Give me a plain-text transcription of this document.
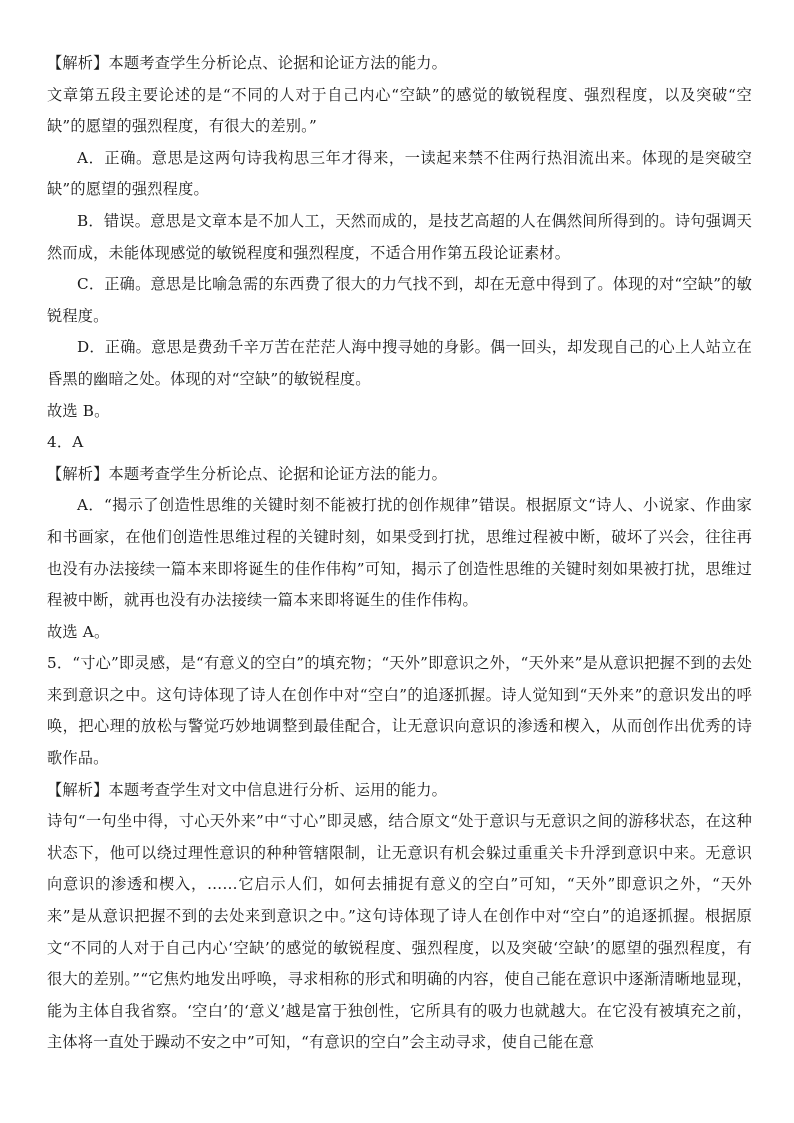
【解析】本题考查学生分析论点、论据和论证方法的能力。

文章第五段主要论述的是“不同的人对于自己内心“空缺”的感觉的敏锐程度、强烈程度，以及突破“空缺”的愿望的强烈程度，有很大的差别。”

A．正确。意思是这两句诗我构思三年才得来，一读起来禁不住两行热泪流出来。体现的是突破空缺”的愿望的强烈程度。

B．错误。意思是文章本是不加人工，天然而成的，是技艺高超的人在偶然间所得到的。诗句强调天然而成，未能体现感觉的敏锐程度和强烈程度，不适合用作第五段论证素材。

C．正确。意思是比喻急需的东西费了很大的力气找不到，却在无意中得到了。体现的对“空缺”的敏锐程度。

D．正确。意思是费劲千辛万苦在茫茫人海中搜寻她的身影。偶一回头，却发现自己的心上人站立在昏黑的幽暗之处。体现的对“空缺”的敏锐程度。

故选 B。

4．A

【解析】本题考查学生分析论点、论据和论证方法的能力。

A．“揭示了创造性思维的关键时刻不能被打扰的创作规律”错误。根据原文“诗人、小说家、作曲家和书画家，在他们创造性思维过程的关键时刻，如果受到打扰，思维过程被中断，破坏了兴会，往往再也没有办法接续一篇本来即将诞生的佳作伟构”可知，揭示了创造性思维的关键时刻如果被打扰，思维过程被中断，就再也没有办法接续一篇本来即将诞生的佳作伟构。

故选 A。

5．“寸心”即灵感，是“有意义的空白”的填充物；“天外”即意识之外，“天外来”是从意识把握不到的去处来到意识之中。这句诗体现了诗人在创作中对“空白”的追逐抓握。诗人觉知到“天外来”的意识发出的呼唤，把心理的放松与警觉巧妙地调整到最佳配合，让无意识向意识的渗透和楔入，从而创作出优秀的诗歌作品。

【解析】本题考查学生对文中信息进行分析、运用的能力。

诗句“一句坐中得，寸心天外来”中“寸心”即灵感，结合原文“处于意识与无意识之间的游移状态，在这种状态下，他可以绕过理性意识的种种管辖限制，让无意识有机会躲过重重关卡升浮到意识中来。无意识向意识的渗透和楔入，……它启示人们，如何去捕捉有意义的空白”可知，“天外”即意识之外，“天外来”是从意识把握不到的去处来到意识之中。”这句诗体现了诗人在创作中对“空白”的追逐抓握。根据原文“不同的人对于自己内心‘空缺’的感觉的敏锐程度、强烈程度，以及突破‘空缺’的愿望的强烈程度，有很大的差别。”“它焦灼地发出呼唤，寻求相称的形式和明确的内容，使自己能在意识中逐渐清晰地显现，能为主体自我省察。‘空白’的‘意义’越是富于独创性，它所具有的吸力也就越大。在它没有被填充之前，主体将一直处于躁动不安之中”可知，“有意识的空白”会主动寻求，使自己能在意
